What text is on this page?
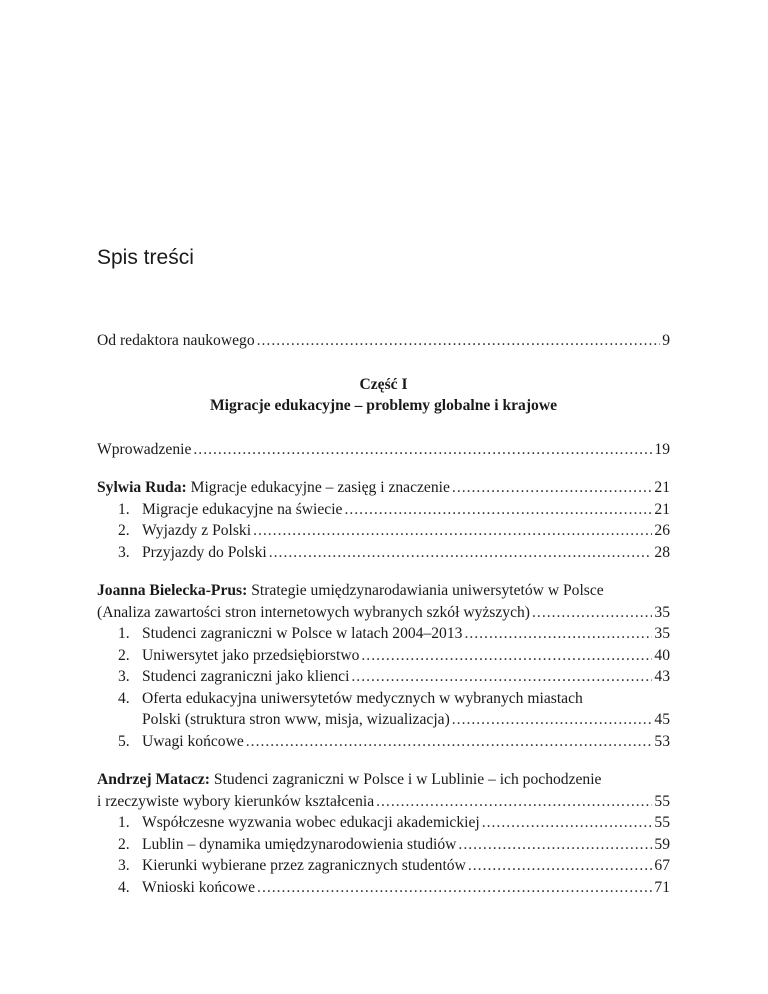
Spis treści
Od redaktora naukowego .....	9
Część I
Migracje edukacyjne – problemy globalne i krajowe
Wprowadzenie .....	19
Sylwia Ruda: Migracje edukacyjne – zasięg i znaczenie .....	21
1. Migracje edukacyjne na świecie .....	21
2. Wyjazdy z Polski .....	26
3. Przyjazdy do Polski .....	28
Joanna Bielecka-Prus: Strategie umiędzynarodawiania uniwersytetów w Polsce
(Analiza zawartości stron internetowych wybranych szkół wyższych) .....	35
1. Studenci zagraniczni w Polsce w latach 2004–2013 .....	35
2. Uniwersytet jako przedsiębiorstwo .....	40
3. Studenci zagraniczni jako klienci .....	43
4. Oferta edukacyjna uniwersytetów medycznych w wybranych miastach
Polski (struktura stron www, misja, wizualizacja) .....	45
5. Uwagi końcowe .....	53
Andrzej Matacz: Studenci zagraniczni w Polsce i w Lublinie – ich pochodzenie
i rzeczywiste wybory kierunków kształcenia .....	55
1. Współczesne wyzwania wobec edukacji akademickiej .....	55
2. Lublin – dynamika umiędzynarodowienia studiów .....	59
3. Kierunki wybierane przez zagranicznych studentów .....	67
4. Wnioski końcowe .....	71
